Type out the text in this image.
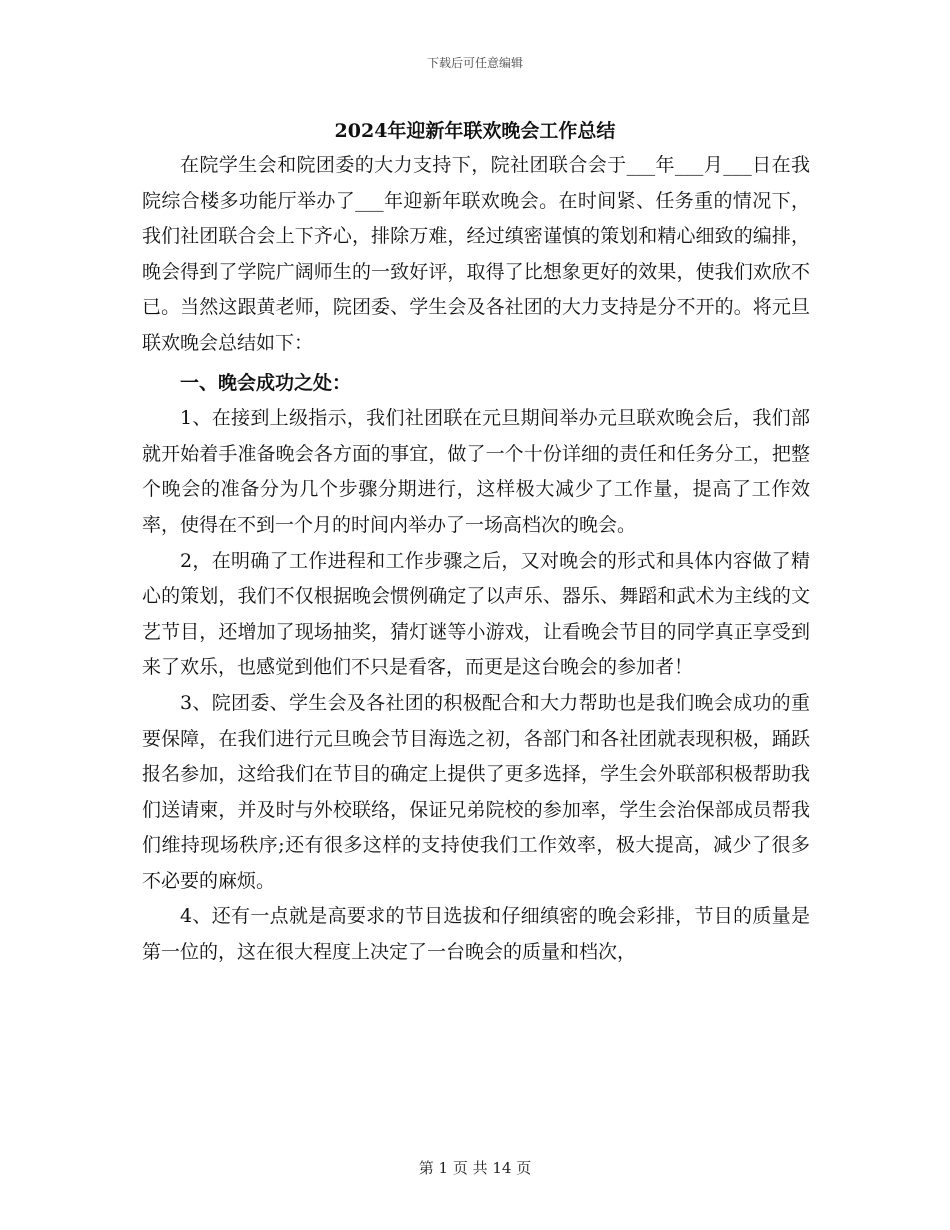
下载后可任意编辑
2024年迎新年联欢晚会工作总结

在院学生会和院团委的大力支持下，院社团联合会于___年___月___日在我院综合楼多功能厅举办了___年迎新年联欢晚会。在时间紧、任务重的情况下，我们社团联合会上下齐心，排除万难，经过缜密谨慎的策划和精心细致的编排，晚会得到了学院广阔师生的一致好评，取得了比想象更好的效果，使我们欢欣不已。当然这跟黄老师，院团委、学生会及各社团的大力支持是分不开的。将元旦联欢晚会总结如下：

一、晚会成功之处：

1、在接到上级指示，我们社团联在元旦期间举办元旦联欢晚会后，我们部就开始着手准备晚会各方面的事宜，做了一个十份详细的责任和任务分工，把整个晚会的准备分为几个步骤分期进行，这样极大减少了工作量，提高了工作效率，使得在不到一个月的时间内举办了一场高档次的晚会。

2，在明确了工作进程和工作步骤之后，又对晚会的形式和具体内容做了精心的策划，我们不仅根据晚会惯例确定了以声乐、器乐、舞蹈和武术为主线的文艺节目，还增加了现场抽奖，猜灯谜等小游戏，让看晚会节目的同学真正享受到来了欢乐，也感觉到他们不只是看客，而更是这台晚会的参加者！

3、院团委、学生会及各社团的积极配合和大力帮助也是我们晚会成功的重要保障，在我们进行元旦晚会节目海选之初，各部门和各社团就表现积极，踊跃报名参加，这给我们在节目的确定上提供了更多选择，学生会外联部积极帮助我们送请柬，并及时与外校联络，保证兄弟院校的参加率，学生会治保部成员帮我们维持现场秩序;还有很多这样的支持使我们工作效率，极大提高，减少了很多不必要的麻烦。

4、还有一点就是高要求的节目选拔和仔细缜密的晚会彩排，节目的质量是第一位的，这在很大程度上决定了一台晚会的质量和档次，

第 1 页 共 14 页
